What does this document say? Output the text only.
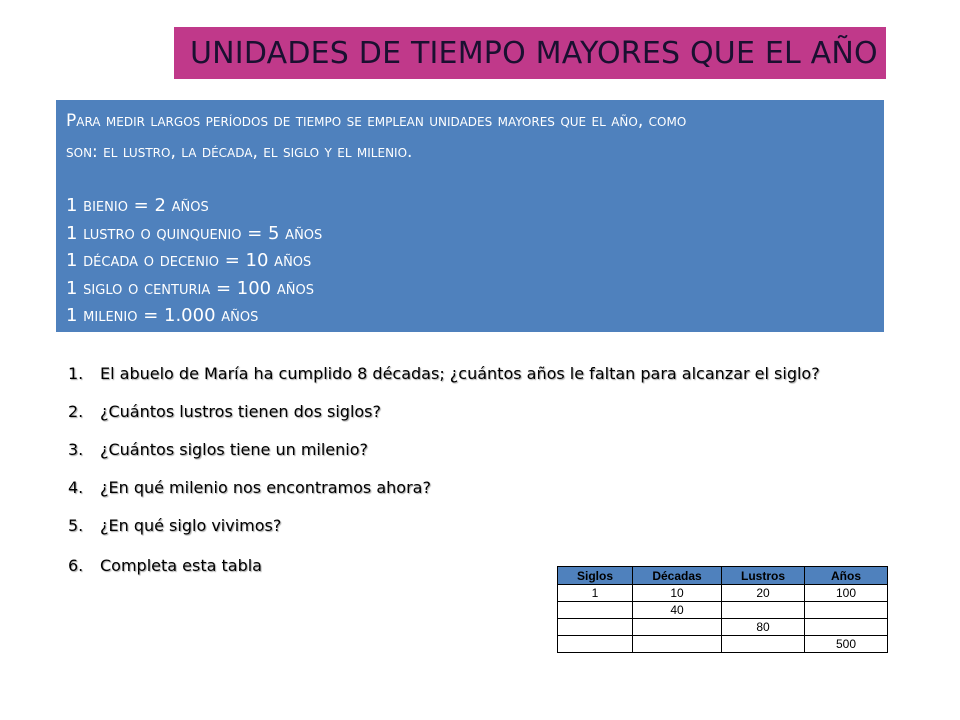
UNIDADES DE TIEMPO MAYORES QUE EL AÑO
Para medir largos períodos de tiempo se emplean unidades mayores que el año, como
son: el lustro, la década, el siglo y el milenio.
1 bienio = 2 años
1 lustro o quinquenio = 5 años
1 década o decenio = 10 años
1 siglo o centuria = 100 años
1 milenio = 1.000 años
1. El abuelo de María ha cumplido 8 décadas; ¿cuántos años le faltan para alcanzar el siglo?
2. ¿Cuántos lustros tienen dos siglos?
3. ¿Cuántos siglos tiene un milenio?
4. ¿En qué milenio nos encontramos ahora?
5. ¿En qué siglo vivimos?
6. Completa esta tabla
Siglos	Décadas	Lustros	Años
1	10	20	100
	40		
		80	
			500
